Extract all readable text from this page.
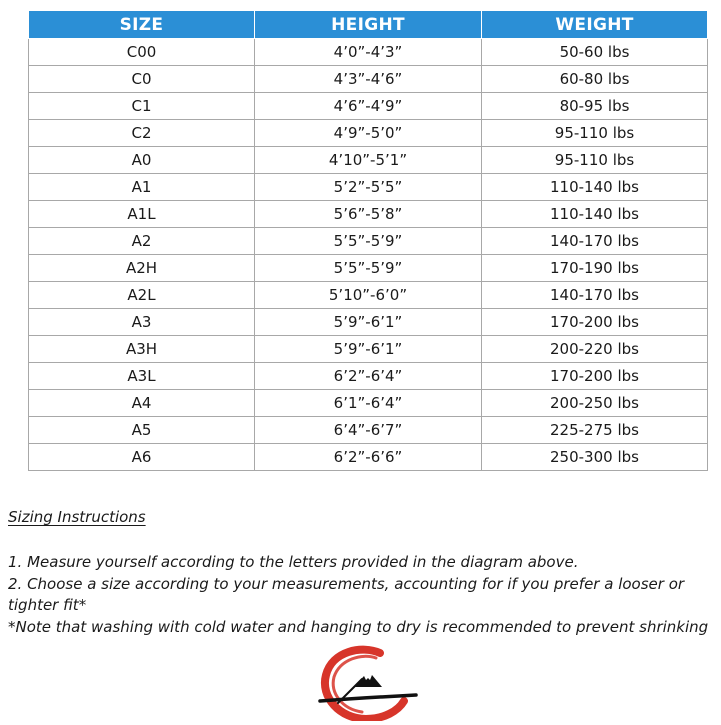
SIZE	HEIGHT	WEIGHT
C00	4’0”-4’3”	50-60 lbs
C0	4’3”-4’6”	60-80 lbs
C1	4’6”-4’9”	80-95 lbs
C2	4’9”-5’0”	95-110 lbs
A0	4’10”-5’1”	95-110 lbs
A1	5’2”-5’5”	110-140 lbs
A1L	5’6”-5’8”	110-140 lbs
A2	5’5”-5’9”	140-170 lbs
A2H	5’5”-5’9”	170-190 lbs
A2L	5’10”-6’0”	140-170 lbs
A3	5’9”-6’1”	170-200 lbs
A3H	5’9”-6’1”	200-220 lbs
A3L	6’2”-6’4”	170-200 lbs
A4	6’1”-6’4”	200-250 lbs
A5	6’4”-6’7”	225-275 lbs
A6	6’2”-6’6”	250-300 lbs
Sizing Instructions
1. Measure yourself according to the letters provided in the diagram above.
2. Choose a size according to your measurements, accounting for if you prefer a looser or tighter fit*
*Note that washing with cold water and hanging to dry is recommended to prevent shrinking
